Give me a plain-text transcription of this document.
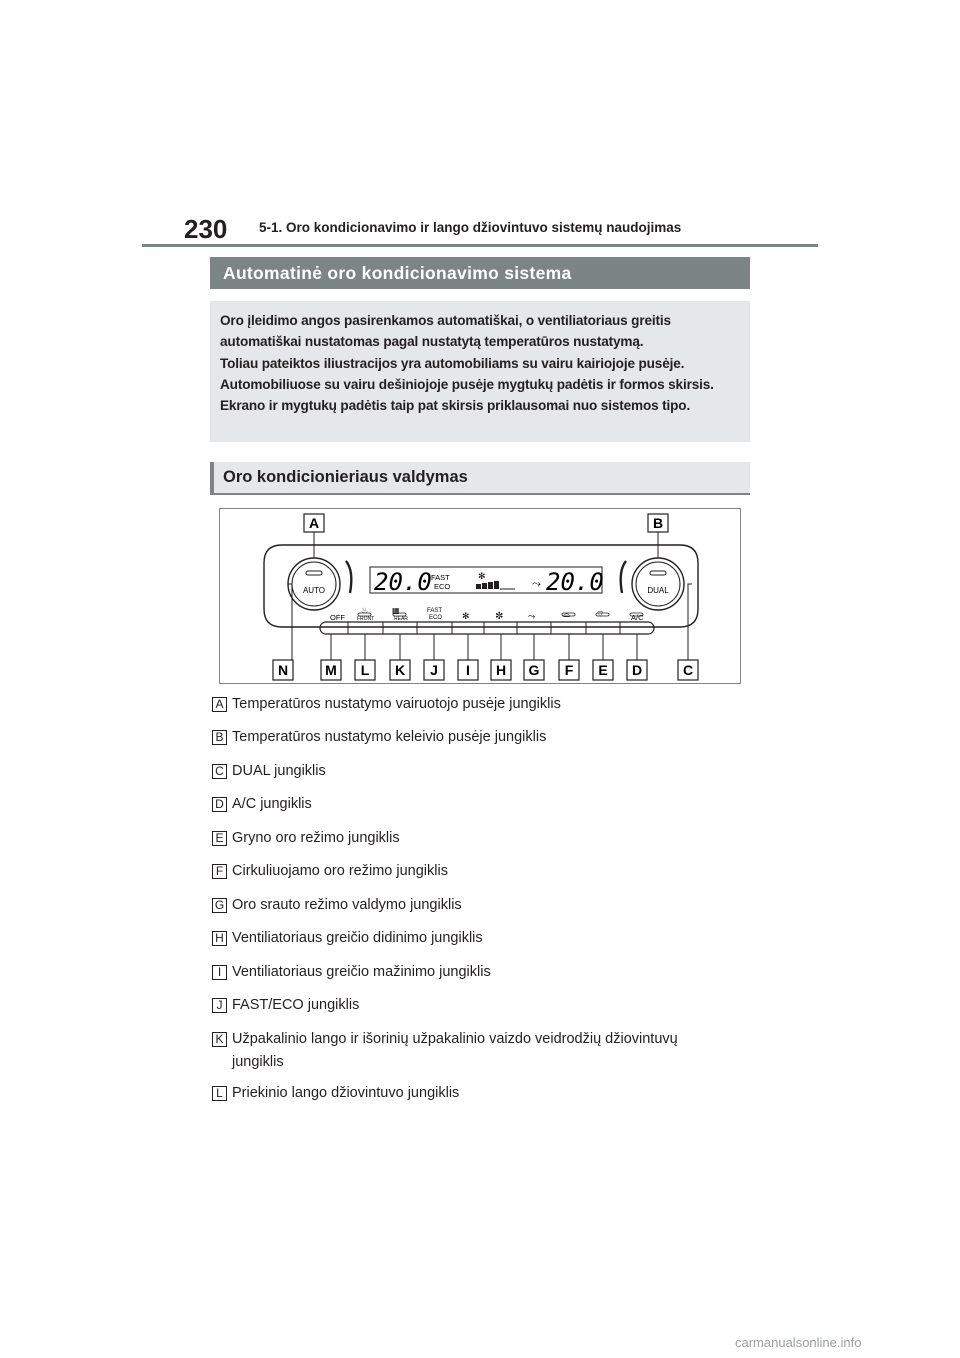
230 5-1. Oro kondicionavimo ir lango džiovintuvo sistemų naudojimas
Automatinė oro kondicionavimo sistema

Oro įleidimo angos pasirenkamos automatiškai, o ventiliatoriaus greitis automatiškai nustatomas pagal nustatytą temperatūros nustatymą.

Toliau pateiktos iliustracijos yra automobiliams su vairu kairiojoje pusėje. Automobiliuose su vairu dešiniojoje pusėje mygtukų padėtis ir formos skirsis.

Ekrano ir mygtukų padėtis taip pat skirsis priklausomai nuo sistemos tipo.

Oro kondicionieriaus valdymas
AUTO	DUAL
20.0 FAST
ECO
✻	⤳ 20.0
OFF FRONT	REAR
FAST
ECO	A/C
♨	▦
✻	✼	⤳	⌓	⌔
A	B
N	M L K J I H G F E D	C
A Temperatūros nustatymo vairuotojo pusėje jungiklis
B Temperatūros nustatymo keleivio pusėje jungiklis
C DUAL jungiklis
D A/C jungiklis
E Gryno oro režimo jungiklis
F Cirkuliuojamo oro režimo jungiklis
G Oro srauto režimo valdymo jungiklis
H Ventiliatoriaus greičio didinimo jungiklis
I Ventiliatoriaus greičio mažinimo jungiklis
J FAST/ECO jungiklis
K Užpakalinio lango ir išorinių užpakalinio vaizdo veidrodžių džiovintuvų jungiklis
L Priekinio lango džiovintuvo jungiklis
carmanualsonline.info
